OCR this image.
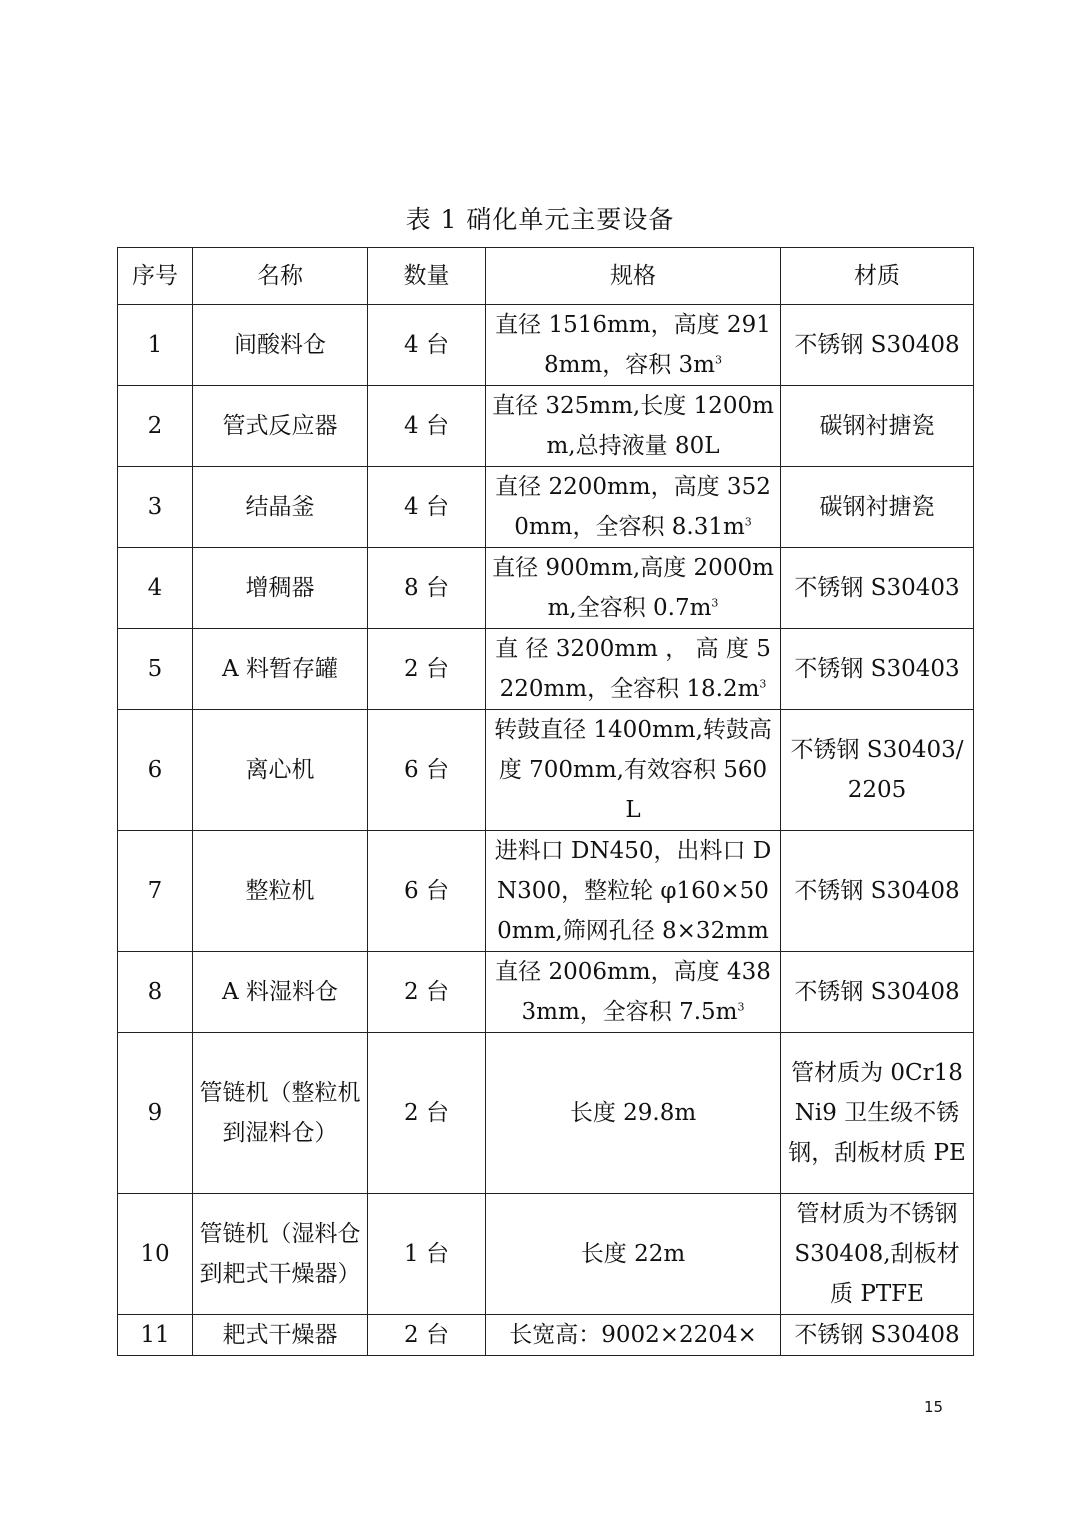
表 1 硝化单元主要设备
序号	名称	数量	规格	材质
1	间酸料仓	4 台	直径 1516mm，高度 2918mm，容积 $3m^3$	不锈钢 S30408
2	管式反应器	4 台	直径 325mm,长度 1200mm,总持液量 80L	碳钢衬搪瓷
3	结晶釜	4 台	直径 2200mm，高度 3520mm，全容积 $8.31m^3$	碳钢衬搪瓷
4	增稠器	8 台	直径 900mm,高度 2000mm,全容积 $0.7m^3$	不锈钢 S30403
5	A 料暂存罐	2 台	直 径 3200mm ， 高 度 5220mm，全容积 $18.2m^3$	不锈钢 S30403
6	离心机	6 台	转鼓直径 1400mm,转鼓高度 700mm,有效容积 560L	不锈钢 S30403/2205
7	整粒机	6 台	进料口 DN450，出料口 DN300，整粒轮 φ160×500mm,筛网孔径 8×32mm	不锈钢 S30408
8	A 料湿料仓	2 台	直径 2006mm，高度 4383mm，全容积 $7.5m^3$	不锈钢 S30408
9	管链机（整粒机到湿料仓）	2 台	长度 29.8m	管材质为 0Cr18Ni9 卫生级不锈钢，刮板材质 PE
10	管链机（湿料仓到耙式干燥器）	1 台	长度 22m	管材质为不锈钢 S30408,刮板材质 PTFE
11	耙式干燥器	2 台	长宽高：9002×2204×	不锈钢 S30408
15
